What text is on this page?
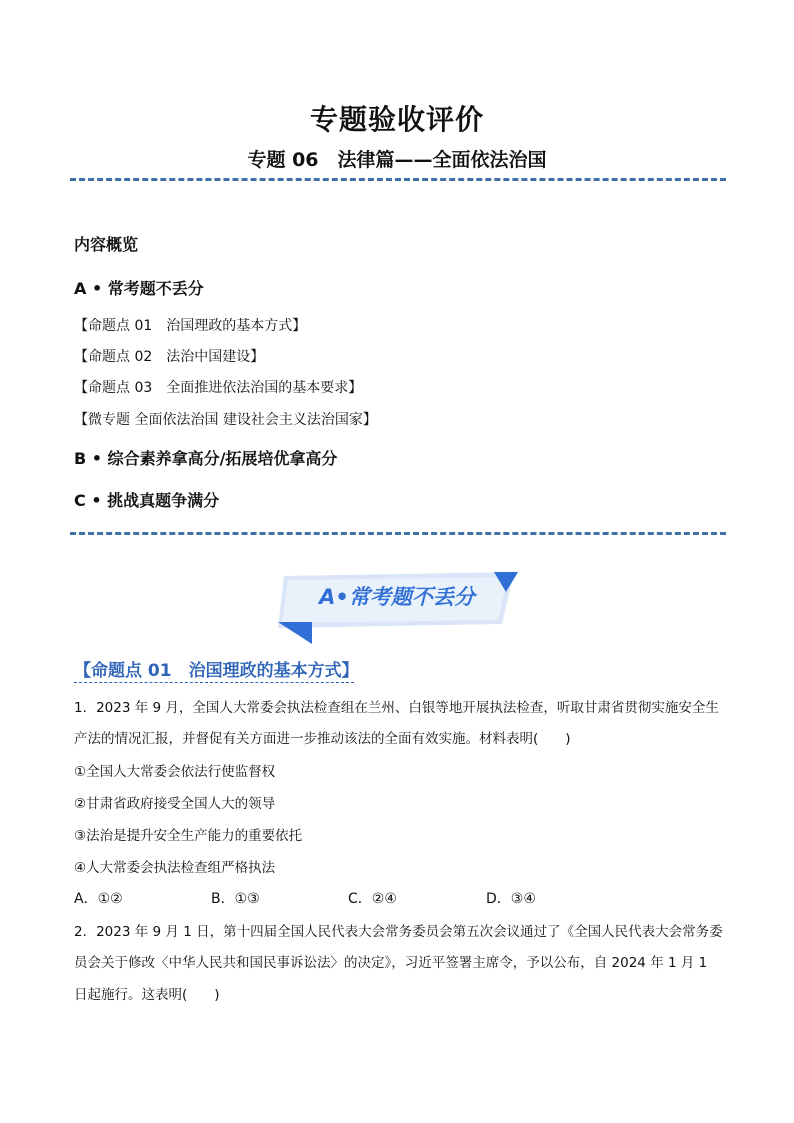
专题验收评价
专题 06　法律篇——全面依法治国
内容概览
A • 常考题不丢分
【命题点 01　治国理政的基本方式】
【命题点 02　法治中国建设】
【命题点 03　全面推进依法治国的基本要求】
【微专题 全面依法治国 建设社会主义法治国家】
B • 综合素养拿高分/拓展培优拿高分
C • 挑战真题争满分
A•常考题不丢分
【命题点 01　治国理政的基本方式】
1．2023 年 9 月，全国人大常委会执法检查组在兰州、白银等地开展执法检查，听取甘肃省贯彻实施安全生
产法的情况汇报，并督促有关方面进一步推动该法的全面有效实施。材料表明(　　)
①全国人大常委会依法行使监督权
②甘肃省政府接受全国人大的领导
③法治是提升安全生产能力的重要依托
④人大常委会执法检查组严格执法
A．①②	B．①③	C．②④	D．③④
2．2023 年 9 月 1 日，第十四届全国人民代表大会常务委员会第五次会议通过了《全国人民代表大会常务委
员会关于修改〈中华人民共和国民事诉讼法〉的决定》，习近平签署主席令，予以公布，自 2024 年 1 月 1
日起施行。这表明(　　)
